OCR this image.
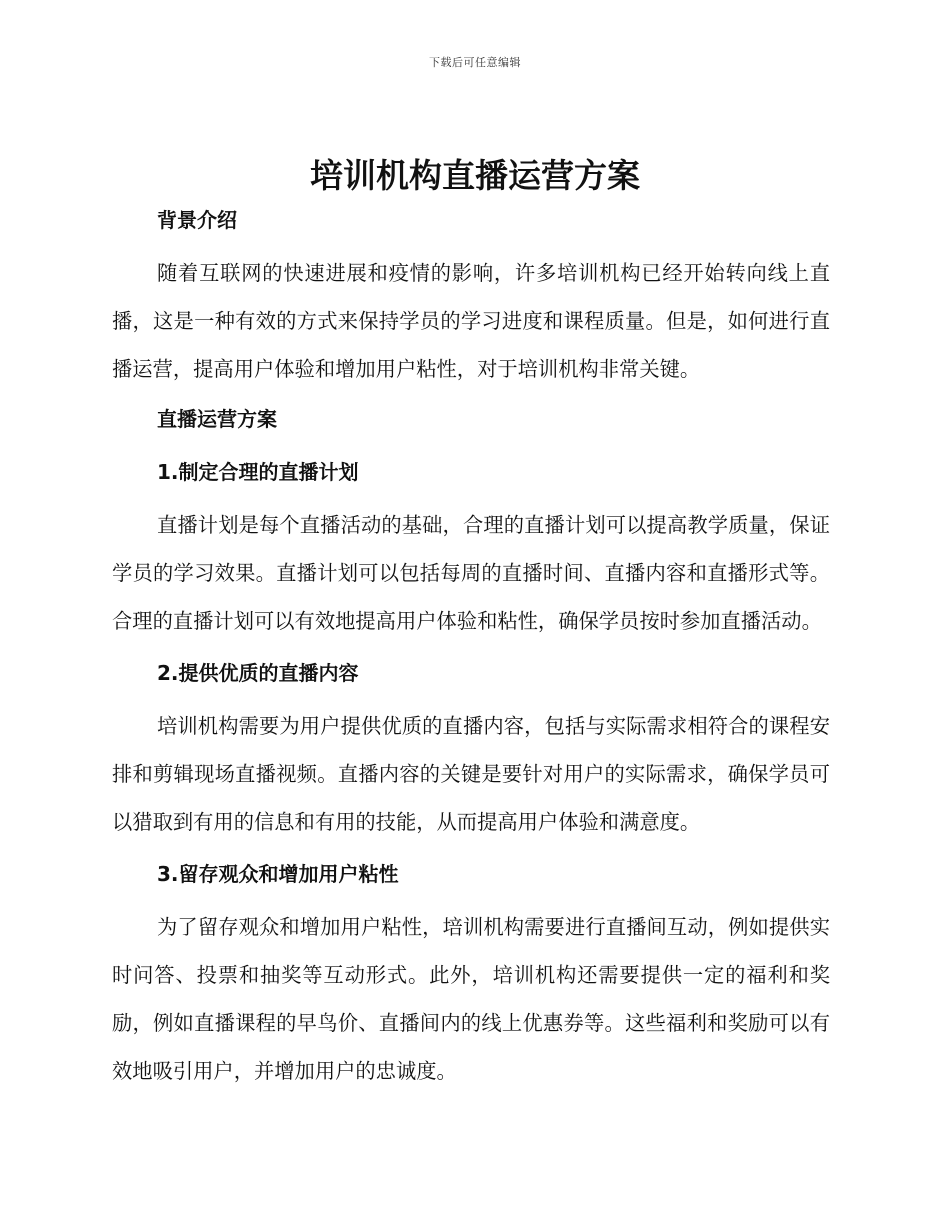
下载后可任意编辑
培训机构直播运营方案
背景介绍

随着互联网的快速进展和疫情的影响，许多培训机构已经开始转向线上直播，这是一种有效的方式来保持学员的学习进度和课程质量。但是，如何进行直播运营，提高用户体验和增加用户粘性，对于培训机构非常关键。

直播运营方案
1.制定合理的直播计划

直播计划是每个直播活动的基础，合理的直播计划可以提高教学质量，保证学员的学习效果。直播计划可以包括每周的直播时间、直播内容和直播形式等。合理的直播计划可以有效地提高用户体验和粘性，确保学员按时参加直播活动。

2.提供优质的直播内容

培训机构需要为用户提供优质的直播内容，包括与实际需求相符合的课程安排和剪辑现场直播视频。直播内容的关键是要针对用户的实际需求，确保学员可以猎取到有用的信息和有用的技能，从而提高用户体验和满意度。

3.留存观众和增加用户粘性

为了留存观众和增加用户粘性，培训机构需要进行直播间互动，例如提供实时问答、投票和抽奖等互动形式。此外，培训机构还需要提供一定的福利和奖励，例如直播课程的早鸟价、直播间内的线上优惠券等。这些福利和奖励可以有效地吸引用户，并增加用户的忠诚度。
